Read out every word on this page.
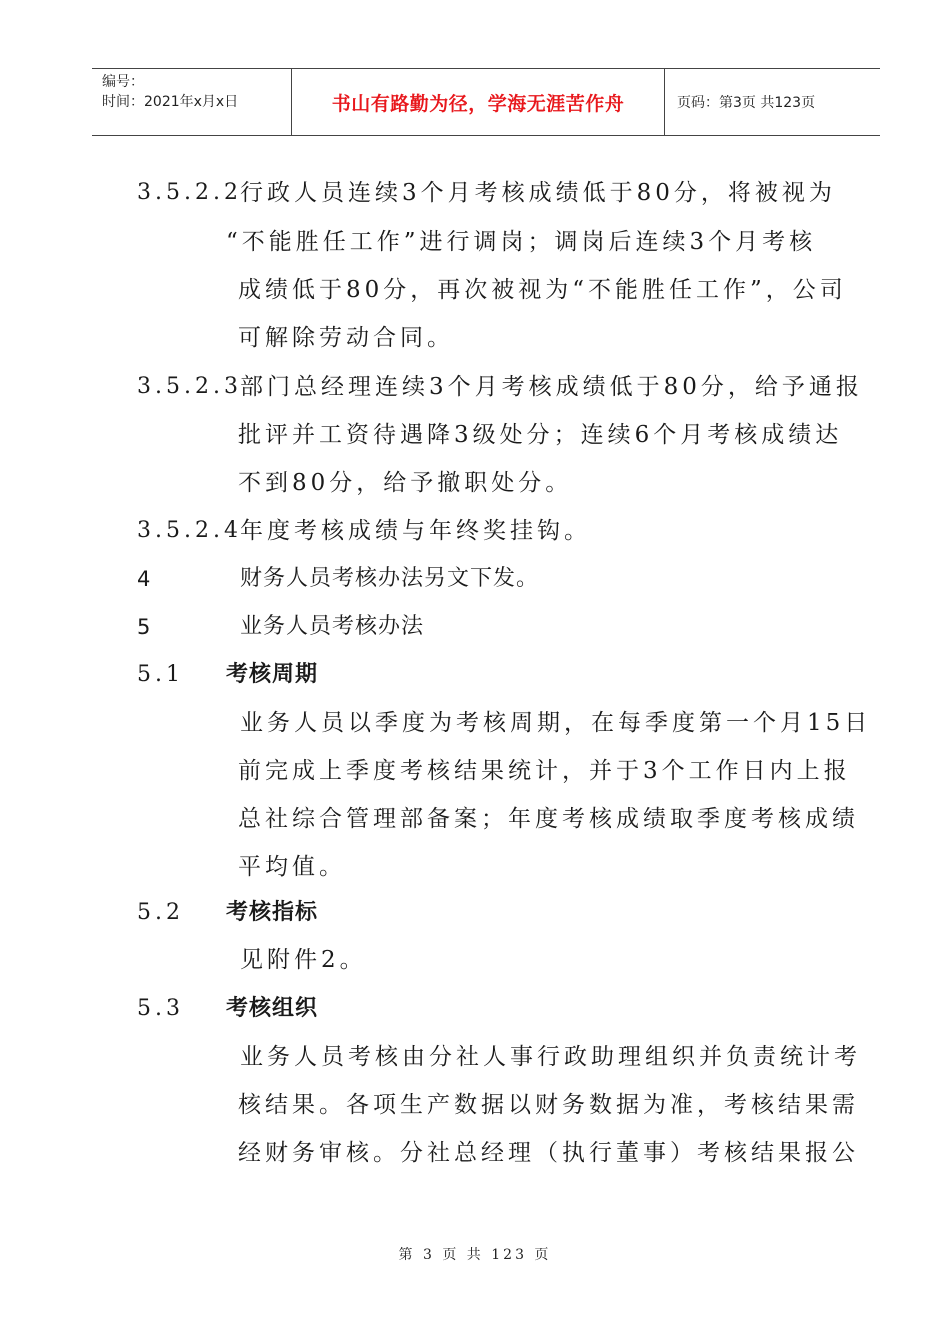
编号：
时间：2021年x月x日	书山有路勤为径，学海无涯苦作舟	页码：第3页 共123页
3.5.2.2
行政人员连续3个月考核成绩低于80分，将被视为
“不能胜任工作”进行调岗；调岗后连续3个月考核
成绩低于80分，再次被视为“不能胜任工作”，公司
可解除劳动合同。
3.5.2.3
部门总经理连续3个月考核成绩低于80分，给予通报
批评并工资待遇降3级处分；连续6个月考核成绩达
不到80分，给予撤职处分。
3.5.2.4
年度考核成绩与年终奖挂钩。
4	财务人员考核办法另文下发。
5	业务人员考核办法
5.1 考核周期
业务人员以季度为考核周期，在每季度第一个月15日
前完成上季度考核结果统计，并于3个工作日内上报
总社综合管理部备案；年度考核成绩取季度考核成绩
平均值。
5.2 考核指标
见附件2。
5.3 考核组织
业务人员考核由分社人事行政助理组织并负责统计考
核结果。各项生产数据以财务数据为准，考核结果需
经财务审核。分社总经理（执行董事）考核结果报公
第 3 页 共 123 页
